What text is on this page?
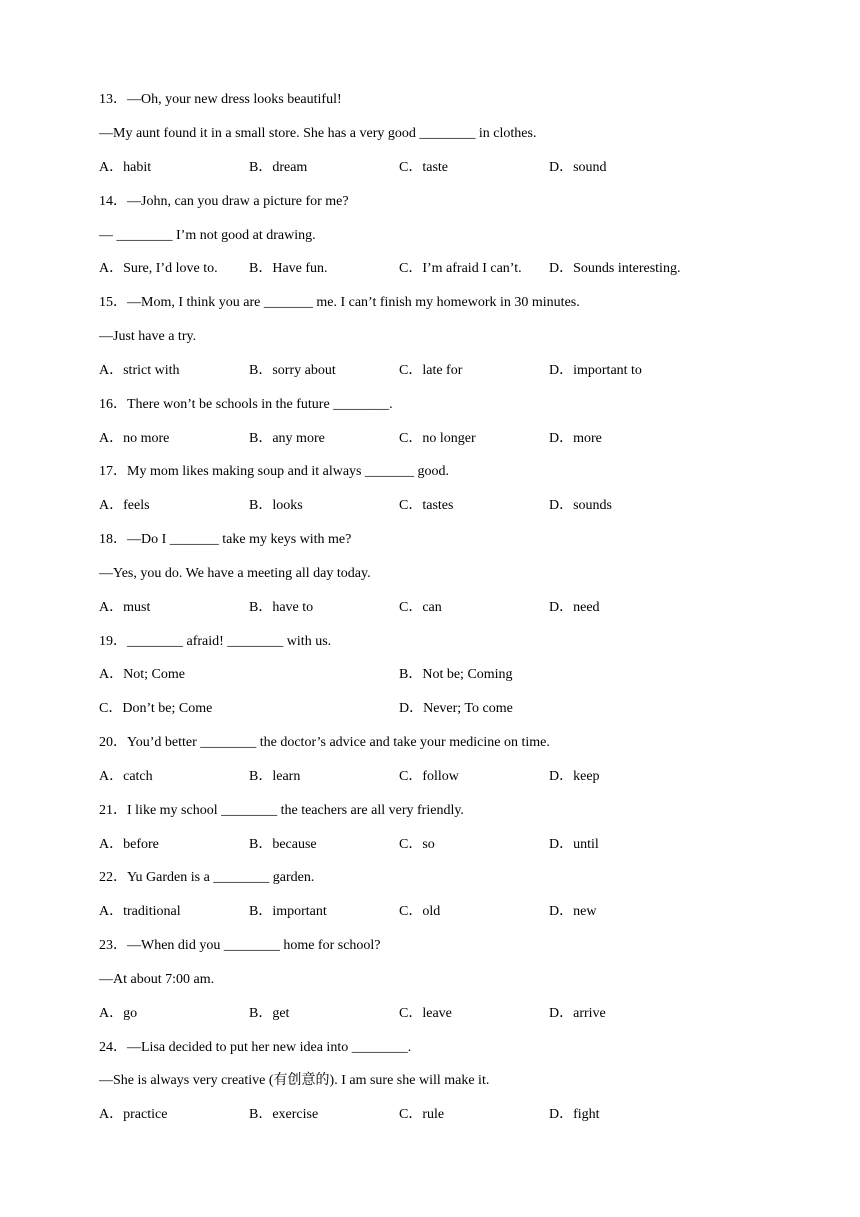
13．—Oh, your new dress looks beautiful!
—My aunt found it in a small store. She has a very good ________ in clothes.
A．habit	B．dream	C．taste	D．sound
14．—John, can you draw a picture for me?
— ________ I’m not good at drawing.
A．Sure, I’d love to. B．Have fun.	C．I’m afraid I can’t. D．Sounds interesting.
15．—Mom, I think you are _______ me. I can’t finish my homework in 30 minutes.
—Just have a try.
A．strict with	B．sorry about	C．late for	D．important to
16．There won’t be schools in the future ________.
A．no more	B．any more	C．no longer	D．more
17．My mom likes making soup and it always _______ good.
A．feels	B．looks	C．tastes	D．sounds
18．—Do I _______ take my keys with me?
—Yes, you do. We have a meeting all day today.
A．must	B．have to	C．can	D．need
19．________ afraid! ________ with us.
A．Not; Come	B．Not be; Coming
C．Don’t be; Come	D．Never; To come
20．You’d better ________ the doctor’s advice and take your medicine on time.
A．catch	B．learn	C．follow	D．keep
21．I like my school ________ the teachers are all very friendly.
A．before	B．because	C．so	D．until
22．Yu Garden is a ________ garden.
A．traditional	B．important	C．old	D．new
23．—When did you ________ home for school?
—At about 7:00 am.
A．go	B．get	C．leave	D．arrive
24．—Lisa decided to put her new idea into ________.
—She is always very creative (有创意的). I am sure she will make it.
A．practice	B．exercise	C．rule	D．fight
